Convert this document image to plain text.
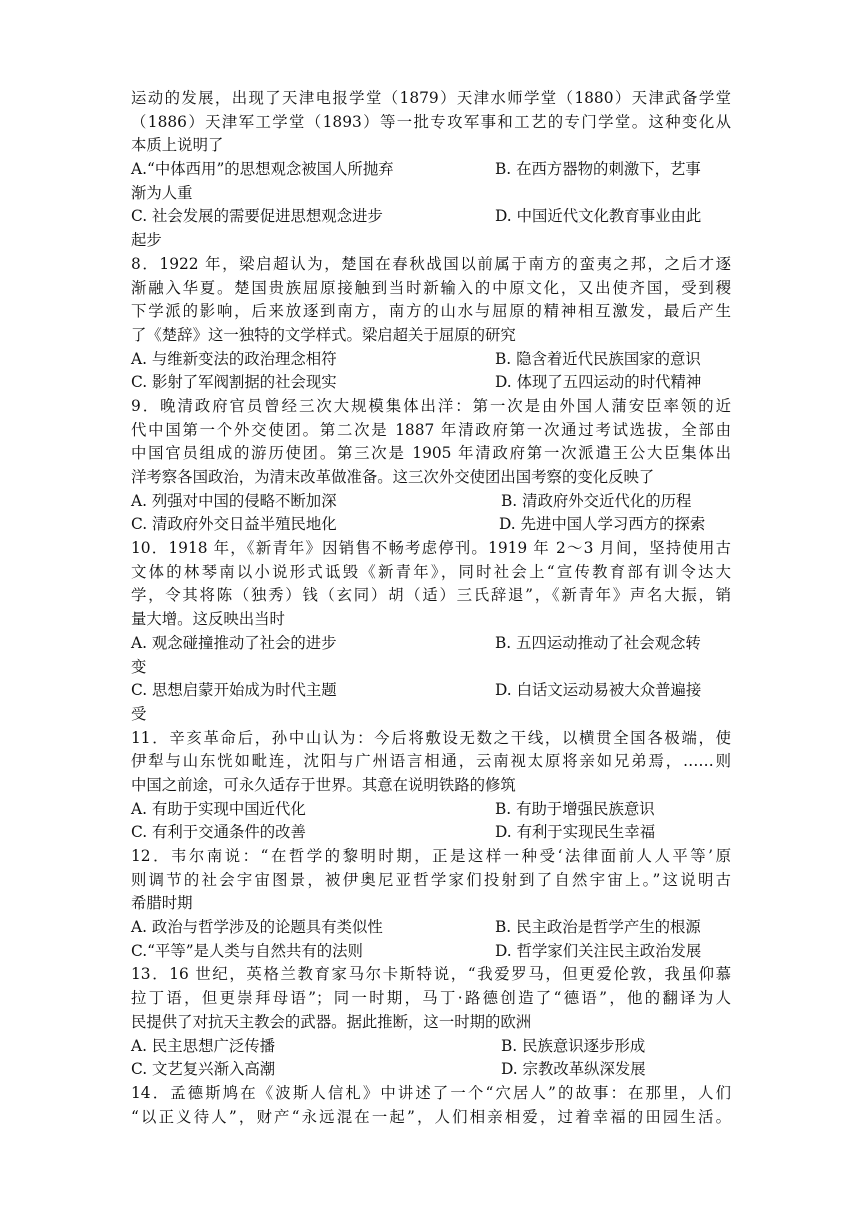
运动的发展，出现了天津电报学堂（1879）天津水师学堂（1880）天津武备学堂
（1886）天津军工学堂（1893）等一批专攻军事和工艺的专门学堂。这种变化从
本质上说明了
A.“中体西用”的思想观念被国人所抛弃	B. 在西方器物的刺激下，艺事
渐为人重
C. 社会发展的需要促进思想观念进步	D. 中国近代文化教育事业由此
起步
8．1922 年，梁启超认为，楚国在春秋战国以前属于南方的蛮夷之邦，之后才逐
渐融入华夏。楚国贵族屈原接触到当时新输入的中原文化，又出使齐国，受到稷
下学派的影响，后来放逐到南方，南方的山水与屈原的精神相互激发，最后产生
了《楚辞》这一独特的文学样式。梁启超关于屈原的研究
A. 与维新变法的政治理念相符	B. 隐含着近代民族国家的意识
C. 影射了军阀割据的社会现实	D. 体现了五四运动的时代精神
9．晚清政府官员曾经三次大规模集体出洋：第一次是由外国人蒲安臣率领的近
代中国第一个外交使团。第二次是 1887 年清政府第一次通过考试选拔，全部由
中国官员组成的游历使团。第三次是 1905 年清政府第一次派遣王公大臣集体出
洋考察各国政治，为清末改革做准备。这三次外交使团出国考察的变化反映了
A. 列强对中国的侵略不断加深	B. 清政府外交近代化的历程
C. 清政府外交日益半殖民地化	D. 先进中国人学习西方的探索
10．1918 年，《新青年》因销售不畅考虑停刊。1919 年 2～3 月间，坚持使用古
文体的林琴南以小说形式诋毁《新青年》，同时社会上“宣传教育部有训令达大
学，令其将陈（独秀）钱（玄同）胡（适）三氏辞退”，《新青年》声名大振，销
量大增。这反映出当时
A. 观念碰撞推动了社会的进步	B. 五四运动推动了社会观念转
变
C. 思想启蒙开始成为时代主题	D. 白话文运动易被大众普遍接
受
11．辛亥革命后，孙中山认为：今后将敷设无数之干线，以横贯全国各极端，使
伊犁与山东恍如毗连，沈阳与广州语言相通，云南视太原将亲如兄弟焉，……则
中国之前途，可永久适存于世界。其意在说明铁路的修筑
A. 有助于实现中国近代化	B. 有助于增强民族意识
C. 有利于交通条件的改善	D. 有利于实现民生幸福
12．韦尔南说：“在哲学的黎明时期，正是这样一种受‘法律面前人人平等’原
则调节的社会宇宙图景，被伊奥尼亚哲学家们投射到了自然宇宙上。”这说明古
希腊时期
A. 政治与哲学涉及的论题具有类似性	B. 民主政治是哲学产生的根源
C.“平等”是人类与自然共有的法则	D. 哲学家们关注民主政治发展
13．16 世纪，英格兰教育家马尔卡斯特说，“我爱罗马，但更爱伦敦，我虽仰慕
拉丁语，但更崇拜母语”；同一时期，马丁·路德创造了“德语”，他的翻译为人
民提供了对抗天主教会的武器。据此推断，这一时期的欧洲
A. 民主思想广泛传播	B. 民族意识逐步形成
C. 文艺复兴渐入高潮	D. 宗教改革纵深发展
14．孟德斯鸠在《波斯人信札》中讲述了一个“穴居人”的故事：在那里，人们
“以正义待人”，财产“永远混在一起”，人们相亲相爱，过着幸福的田园生活。
